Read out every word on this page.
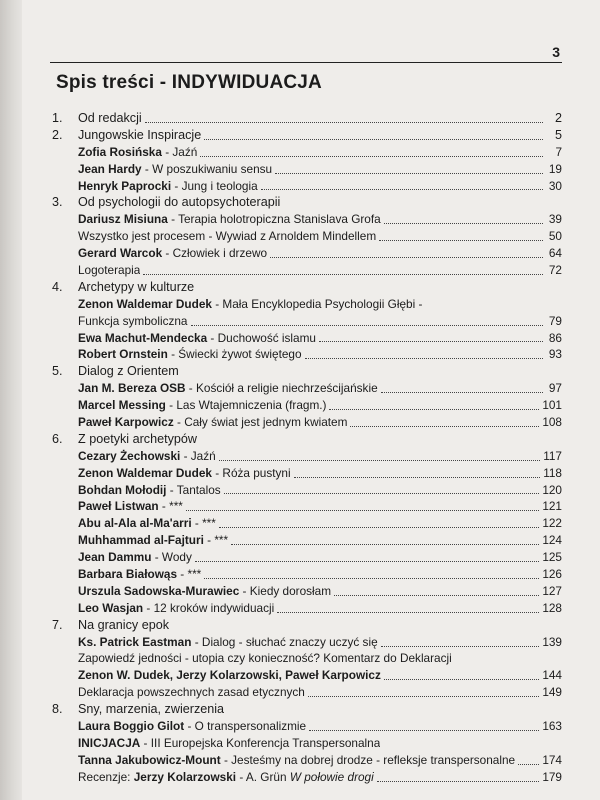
3
Spis treści - INDYWIDUACJA
1.	Od redakcji	2
2.	Jungowskie Inspiracje	5
Zofia Rosińska - Jaźń	7
Jean Hardy - W poszukiwaniu sensu	19
Henryk Paprocki - Jung i teologia	30
3.	Od psychologii do autopsychoterapii
Dariusz Misiuna - Terapia holotropiczna Stanislava Grofa	39
Wszystko jest procesem - Wywiad z Arnoldem Mindellem	50
Gerard Warcok - Człowiek i drzewo	64
Logoterapia	72
4.	Archetypy w kulturze
Zenon Waldemar Dudek - Mała Encyklopedia Psychologii Głębi -
Funkcja symboliczna	79
Ewa Machut-Mendecka - Duchowość islamu	86
Robert Ornstein - Świecki żywot świętego	93
5.	Dialog z Orientem
Jan M. Bereza OSB - Kościół a religie niechrześcijańskie	97
Marcel Messing - Las Wtajemniczenia (fragm.)	101
Paweł Karpowicz - Cały świat jest jednym kwiatem	108
6.	Z poetyki archetypów
Cezary Żechowski - Jaźń	117
Zenon Waldemar Dudek - Róża pustyni	118
Bohdan Mołodij - Tantalos	120
Paweł Listwan - ***	121
Abu al-Ala al-Ma'arri - ***	122
Muhhammad al-Fajturi - ***	124
Jean Dammu - Wody	125
Barbara Białowąs - ***	126
Urszula Sadowska-Murawiec - Kiedy dorosłam	127
Leo Wasjan - 12 kroków indywiduacji	128
7.	Na granicy epok
Ks. Patrick Eastman - Dialog - słuchać znaczy uczyć się	139
Zapowiedź jedności - utopia czy konieczność? Komentarz do Deklaracji
Zenon W. Dudek, Jerzy Kolarzowski, Paweł Karpowicz	144
Deklaracja powszechnych zasad etycznych	149
8.	Sny, marzenia, zwierzenia
Laura Boggio Gilot - O transpersonalizmie	163
INICJACJA - III Europejska Konferencja Transpersonalna
Tanna Jakubowicz-Mount - Jesteśmy na dobrej drodze - refleksje transpersonalne 174
Recenzje: Jerzy Kolarzowski - A. Grün W połowie drogi	179
